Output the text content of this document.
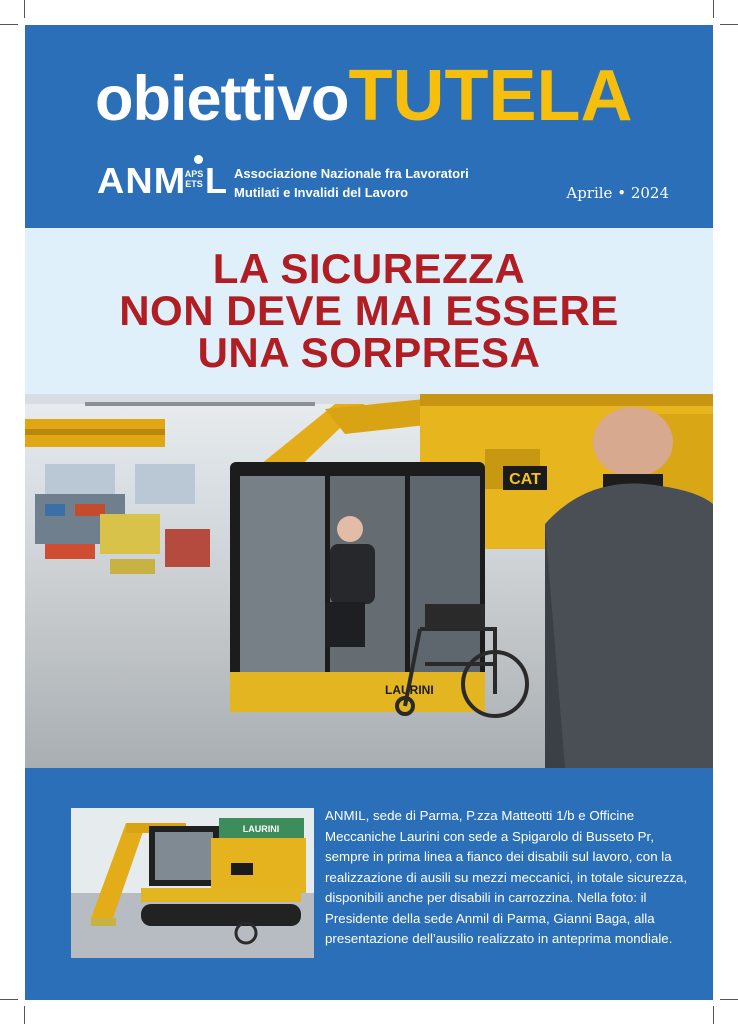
obiettivoTUTELA
ANM
APS
ETS L Associazione Nazionale fra Lavoratori
Mutilati e Invalidi del Lavoro	Aprile • 2024
LA SICUREZZA
NON DEVE MAI ESSERE
UNA SORPRESA
CAT
LAURINI
LAURINI
ANMIL, sede di Parma, P.zza Matteotti 1/b e Officine Meccaniche Laurini con sede a Spigarolo di Busseto Pr, sempre in prima linea a fianco dei disabili sul lavoro, con la realizzazione di ausili su mezzi meccanici, in totale sicurezza, disponibili anche per disabili in carrozzina. Nella foto: il Presidente della sede Anmil di Parma, Gianni Baga, alla presentazione dell’ausilio realizzato in anteprima mondiale.
